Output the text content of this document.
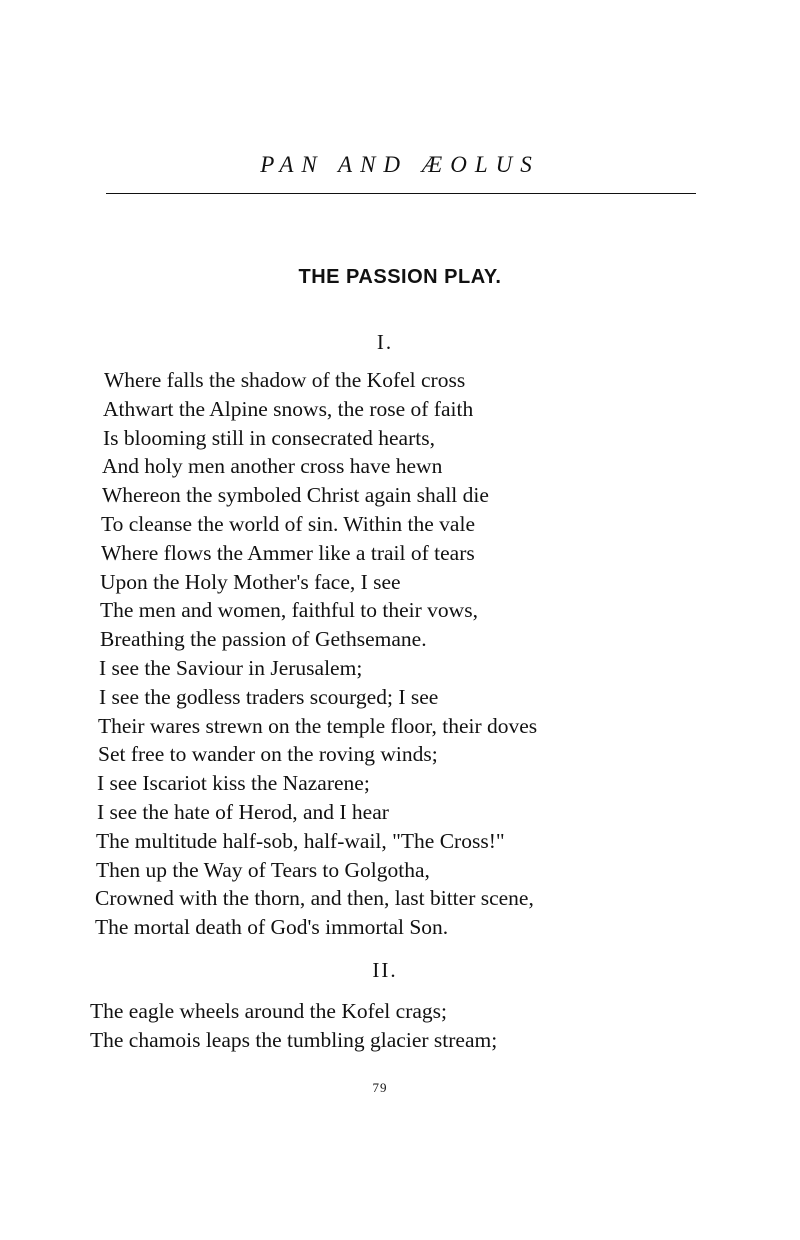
PAN AND ÆOLUS
THE PASSION PLAY.
I.
Where falls the shadow of the Kofel cross
Athwart the Alpine snows, the rose of faith
Is blooming still in consecrated hearts,
And holy men another cross have hewn
Whereon the symboled Christ again shall die
To cleanse the world of sin. Within the vale
Where flows the Ammer like a trail of tears
Upon the Holy Mother's face, I see
The men and women, faithful to their vows,
Breathing the passion of Gethsemane.
I see the Saviour in Jerusalem;
I see the godless traders scourged; I see
Their wares strewn on the temple floor, their doves
Set free to wander on the roving winds;
I see Iscariot kiss the Nazarene;
I see the hate of Herod, and I hear
The multitude half-sob, half-wail, "The Cross!"
Then up the Way of Tears to Golgotha,
Crowned with the thorn, and then, last bitter scene,
The mortal death of God's immortal Son.
II.
The eagle wheels around the Kofel crags;
The chamois leaps the tumbling glacier stream;
79
